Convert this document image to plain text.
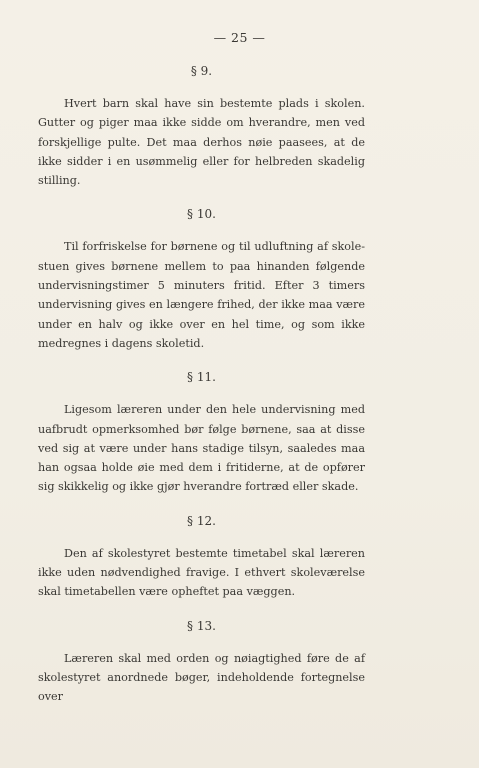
— 25 —
§ 9.

Hvert barn skal have sin bestemte plads i skolen. Gutter og piger maa ikke sidde om hverandre, men ved forskjellige pulte. Det maa derhos nøie paasees, at de ikke sidder i en usømmelig eller for helbreden skadelig stilling.

§ 10.

Til forfriskelse for børnene og til udluftning af skolestuen gives børnene mellem to paa hinanden følgende undervisningstimer 5 minuters fritid. Efter 3 timers undervisning gives en længere frihed, der ikke maa være under en halv og ikke over en hel time, og som ikke medregnes i dagens skoletid.

§ 11.

Ligesom læreren under den hele undervisning med uafbrudt opmerksomhed bør følge børnene, saa at disse ved sig at være under hans stadige tilsyn, saaledes maa han ogsaa holde øie med dem i fritiderne, at de opfører sig skikkelig og ikke gjør hverandre fortræd eller skade.

§ 12.

Den af skolestyret bestemte timetabel skal læreren ikke uden nødvendighed fravige. I ethvert skoleværelse skal timetabellen være opheftet paa væggen.

§ 13.

Læreren skal med orden og nøiagtighed føre de af skolestyret anordnede bøger, indeholdende fortegnelse over
